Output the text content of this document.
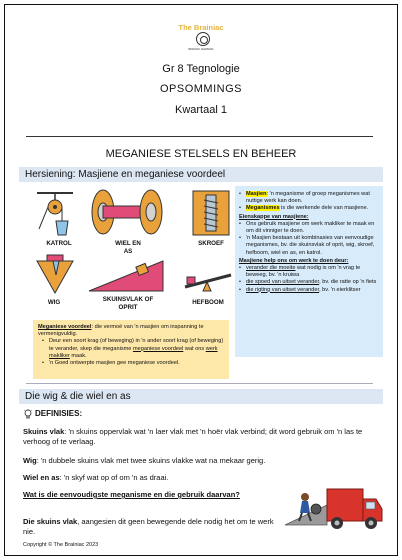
The Brainiac
BRAINIAC LEARNING
Gr 8 Tegnologie
OPSOMMINGS
Kwartaal 1
MEGANIESE STELSELS EN BEHEER
Hersiening: Masjiene en meganiese voordeel
KATROL	WIEL EN
AS
SKROEF
WIG	SKUINSVLAK OF
OPRIT
HEFBOOM
• Masjien: 'n meganisme of groep meganismes wat nuttige werk kan doen.
• Meganismes is die werkende dele van masjiene.
Eienskappe van masjiene:
• Ons gebruik masjiene om werk makliker te maak en om dit vinniger te doen.
• 'n Masjien bestaan uit kombinasies van eenvoudige meganismes, bv. die skuinsvlak of oprit, wig, skroef, hefboom, wiel en as, en katrol.
Masjiene help ons om werk te doen deur:
• verander die moeite wat nodig is om 'n vrag te beweeg, bv. 'n kruiwa
• die spoed van uitset verander, bv. die ratte op 'n fiets
• die rigting van uitset verander, bv. 'n eierklitser
Meganiese voordeel: die vermoë van 'n masjien om inspanning te vermenigvuldig.
• Deur een soort krag (of beweging) in 'n ander soort krag (of beweging) te verander, skep die meganisme meganiese voordeel wat ons werk makliker maak.
• 'n Goed ontwerpte masjien gee meganiese voordeel.
Die wig & die wiel en as
DEFINISIES:
Skuins vlak: 'n skuins oppervlak wat 'n laer vlak met 'n hoër vlak verbind; dit word gebruik om 'n las te verhoog of te verlaag.
Wig: 'n dubbele skuins vlak met twee skuins vlakke wat na mekaar gerig.
Wiel en as: 'n skyf wat op of om 'n as draai.
Wat is die eenvoudigste meganisme en die gebruik daarvan?
Die skuins vlak, aangesien dit geen bewegende dele nodig het om te werk nie.
Copyright © The Brainiac 2023
